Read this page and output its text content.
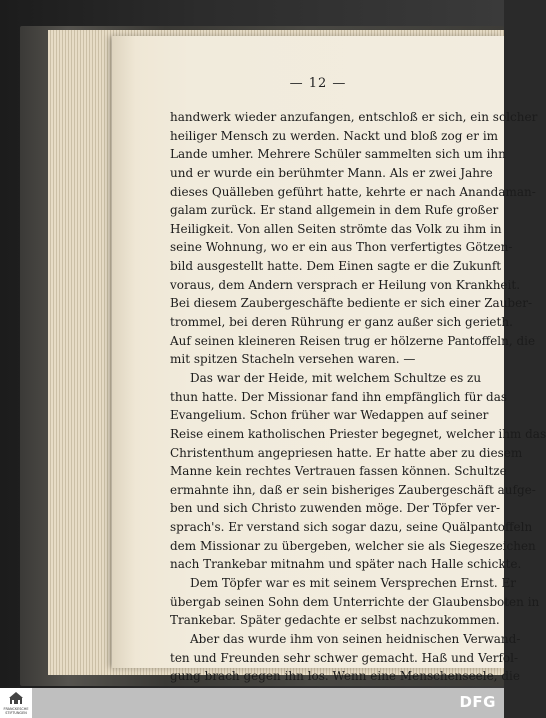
— 12 —
handwerk wieder anzufangen, entschloß er sich, ein solcher
heiliger Mensch zu werden. Nackt und bloß zog er im
Lande umher. Mehrere Schüler sammelten sich um ihn
und er wurde ein berühmter Mann. Als er zwei Jahre
dieses Quälleben geführt hatte, kehrte er nach Anandaman-
galam zurück. Er stand allgemein in dem Rufe großer
Heiligkeit. Von allen Seiten strömte das Volk zu ihm in
seine Wohnung, wo er ein aus Thon verfertigtes Götzen-
bild ausgestellt hatte. Dem Einen sagte er die Zukunft
voraus, dem Andern versprach er Heilung von Krankheit.
Bei diesem Zaubergeschäfte bediente er sich einer Zauber-
trommel, bei deren Rührung er ganz außer sich gerieth.
Auf seinen kleineren Reisen trug er hölzerne Pantoffeln, die
mit spitzen Stacheln versehen waren. —
Das war der Heide, mit welchem Schultze es zu
thun hatte. Der Missionar fand ihn empfänglich für das
Evangelium. Schon früher war Wedappen auf seiner
Reise einem katholischen Priester begegnet, welcher ihm das
Christenthum angepriesen hatte. Er hatte aber zu diesem
Manne kein rechtes Vertrauen fassen können. Schultze
ermahnte ihn, daß er sein bisheriges Zaubergeschäft aufge-
ben und sich Christo zuwenden möge. Der Töpfer ver-
sprach's. Er verstand sich sogar dazu, seine Quälpantoffeln
dem Missionar zu übergeben, welcher sie als Siegeszeichen
nach Trankebar mitnahm und später nach Halle schickte.
Dem Töpfer war es mit seinem Versprechen Ernst. Er
übergab seinen Sohn dem Unterrichte der Glaubensboten in
Trankebar. Später gedachte er selbst nachzukommen.
Aber das wurde ihm von seinen heidnischen Verwand-
ten und Freunden sehr schwer gemacht. Haß und Verfol-
gung brach gegen ihn los. Wenn eine Menschenseele, die
FRANCKESCHE STIFTUNGEN
DFG
